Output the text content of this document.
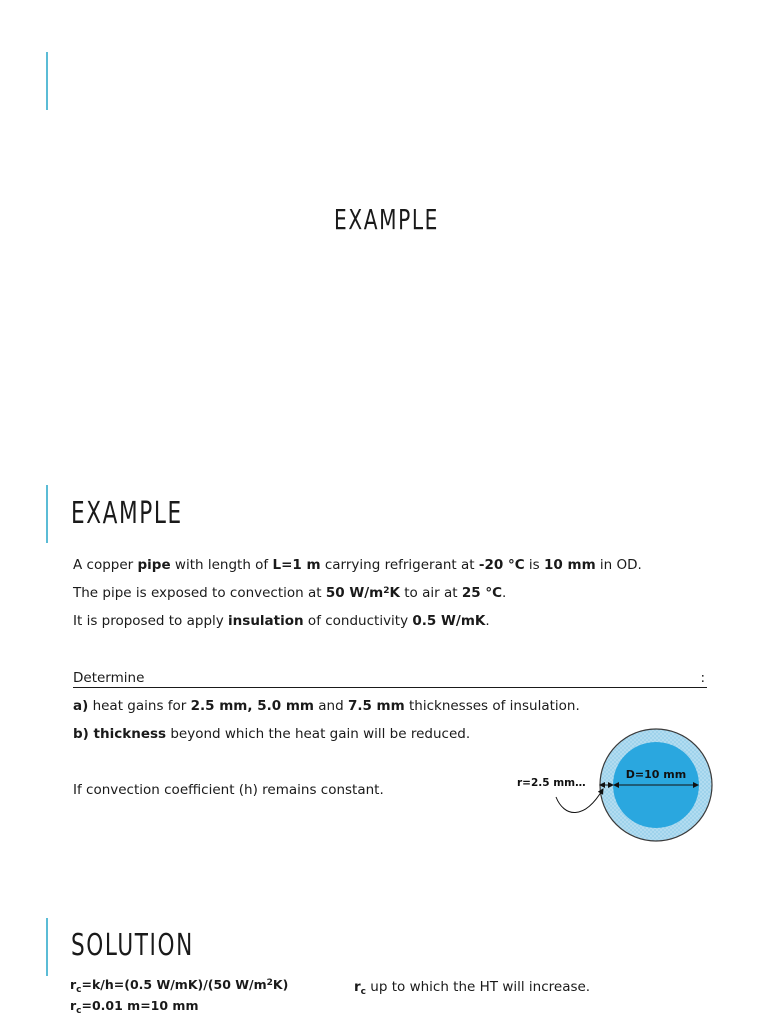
EXAMPLE
EXAMPLE
A copper pipe with length of L=1 m carrying refrigerant at -20 °C is 10 mm in OD.
The pipe is exposed to convection at 50 $W/m^2K$ to air at 25 °C.
It is proposed to apply insulation of conductivity 0.5 W/mK.
Determine	:
a) heat gains for 2.5 mm, 5.0 mm and 7.5 mm thicknesses of insulation.
b) thickness beyond which the heat gain will be reduced.
If convection coefficient (h) remains constant.
D=10 mm
r=2.5 mm…
SOLUTION
$r_c=k/h=(0.5$ W/mK)/(50 $W/m^2K$)
$r_c=0.01$ m=10 mm
$r_c$ up to which the HT will increase.
